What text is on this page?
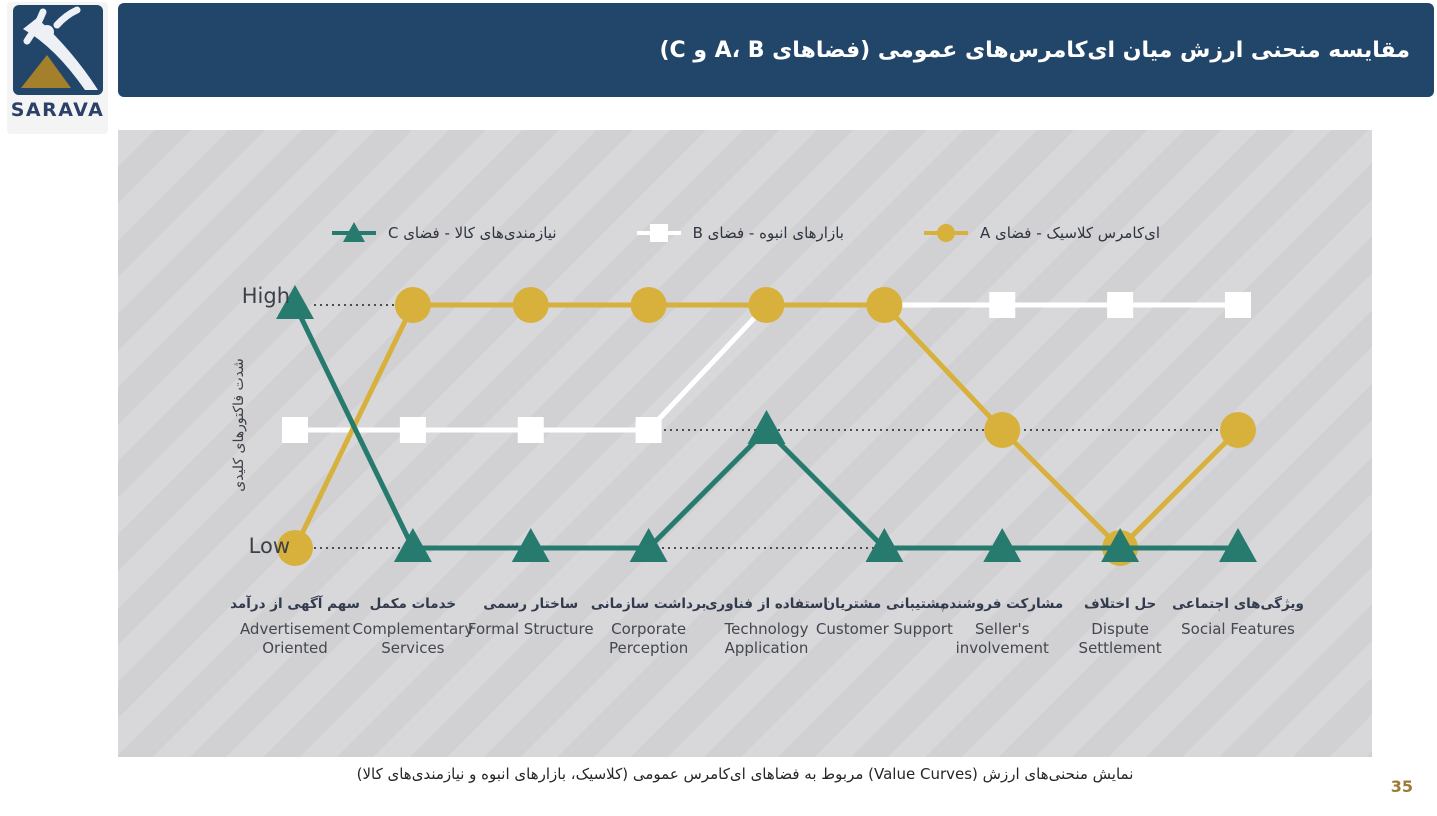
SARAVA
مقایسه منحنی ارزش میان ای‌کامرس‌های عمومی (فضاهای A، B و C)
نیازمندی‌های کالا - فضای C	بازارهای انبوه - فضای B	ای‌کامرس کلاسیک - فضای A
High
Low
شدت فاکتورهای کلیدی
سهم آگهی از درآمد
Advertisement Oriented
خدمات مکمل
Complementary Services
ساختار رسمی
Formal Structure
برداشت سازمانی
Corporate Perception
استفاده از فناوری
Technology Application
پشتیبانی مشتریان
Customer Support
مشارکت فروشنده
Seller's involvement
حل اختلاف
Dispute Settlement
ویژگی‌های اجتماعی
Social Features
نمایش منحنی‌های ارزش (Value Curves) مربوط به فضاهای ای‌کامرس عمومی (کلاسیک، بازارهای انبوه و نیازمندی‌های کالا)
35
